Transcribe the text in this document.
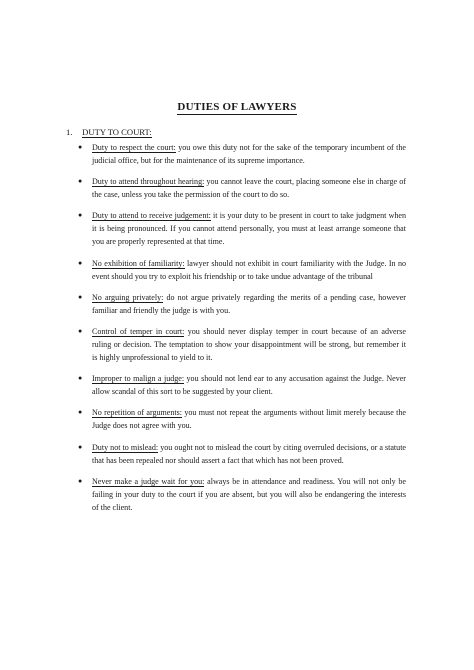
DUTIES OF LAWYERS
1. DUTY TO COURT:
● Duty to respect the court: you owe this duty not for the sake of the temporary incumbent of the judicial office, but for the maintenance of its supreme importance.
● Duty to attend throughout hearing: you cannot leave the court, placing someone else in charge of the case, unless you take the permission of the court to do so.
● Duty to attend to receive judgement: it is your duty to be present in court to take judgment when it is being pronounced. If you cannot attend personally, you must at least arrange someone that you are properly represented at that time.
● No exhibition of familiarity: lawyer should not exhibit in court familiarity with the Judge. In no event should you try to exploit his friendship or to take undue advantage of the tribunal
● No arguing privately: do not argue privately regarding the merits of a pending case, however familiar and friendly the judge is with you.
● Control of temper in court: you should never display temper in court because of an adverse ruling or decision. The temptation to show your disappointment will be strong, but remember it is highly unprofessional to yield to it.
● Improper to malign a judge: you should not lend ear to any accusation against the Judge. Never allow scandal of this sort to be suggested by your client.
● No repetition of arguments: you must not repeat the arguments without limit merely because the Judge does not agree with you.
● Duty not to mislead: you ought not to mislead the court by citing overruled decisions, or a statute that has been repealed nor should assert a fact that which has not been proved.
● Never make a judge wait for you: always be in attendance and readiness. You will not only be failing in your duty to the court if you are absent, but you will also be endangering the interests of the client.
